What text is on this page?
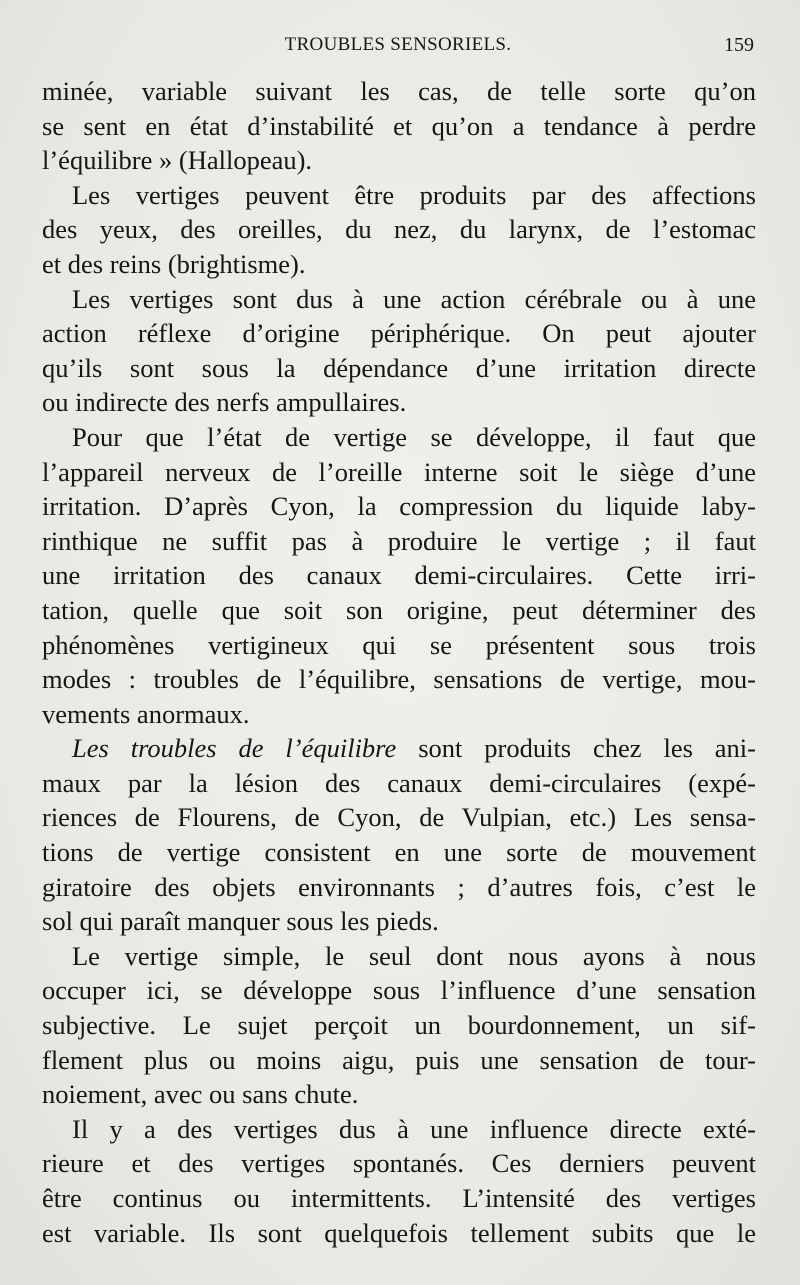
TROUBLES SENSORIELS.	159
minée, variable suivant les cas, de telle sorte qu’on
se sent en état d’instabilité et qu’on a tendance à perdre
l’équilibre » (Hallopeau).
Les vertiges peuvent être produits par des affections
des yeux, des oreilles, du nez, du larynx, de l’estomac
et des reins (brightisme).
Les vertiges sont dus à une action cérébrale ou à une
action réflexe d’origine périphérique. On peut ajouter
qu’ils sont sous la dépendance d’une irritation directe
ou indirecte des nerfs ampullaires.
Pour que l’état de vertige se développe, il faut que
l’appareil nerveux de l’oreille interne soit le siège d’une
irritation. D’après Cyon, la compression du liquide laby-
rinthique ne suffit pas à produire le vertige ; il faut
une irritation des canaux demi-circulaires. Cette irri-
tation, quelle que soit son origine, peut déterminer des
phénomènes vertigineux qui se présentent sous trois
modes : troubles de l’équilibre, sensations de vertige, mou-
vements anormaux.
Les troubles de l’équilibre sont produits chez les ani-
maux par la lésion des canaux demi-circulaires (expé-
riences de Flourens, de Cyon, de Vulpian, etc.) Les sensa-
tions de vertige consistent en une sorte de mouvement
giratoire des objets environnants ; d’autres fois, c’est le
sol qui paraît manquer sous les pieds.
Le vertige simple, le seul dont nous ayons à nous
occuper ici, se développe sous l’influence d’une sensation
subjective. Le sujet perçoit un bourdonnement, un sif-
flement plus ou moins aigu, puis une sensation de tour-
noiement, avec ou sans chute.
Il y a des vertiges dus à une influence directe exté-
rieure et des vertiges spontanés. Ces derniers peuvent
être continus ou intermittents. L’intensité des vertiges
est variable. Ils sont quelquefois tellement subits que le
